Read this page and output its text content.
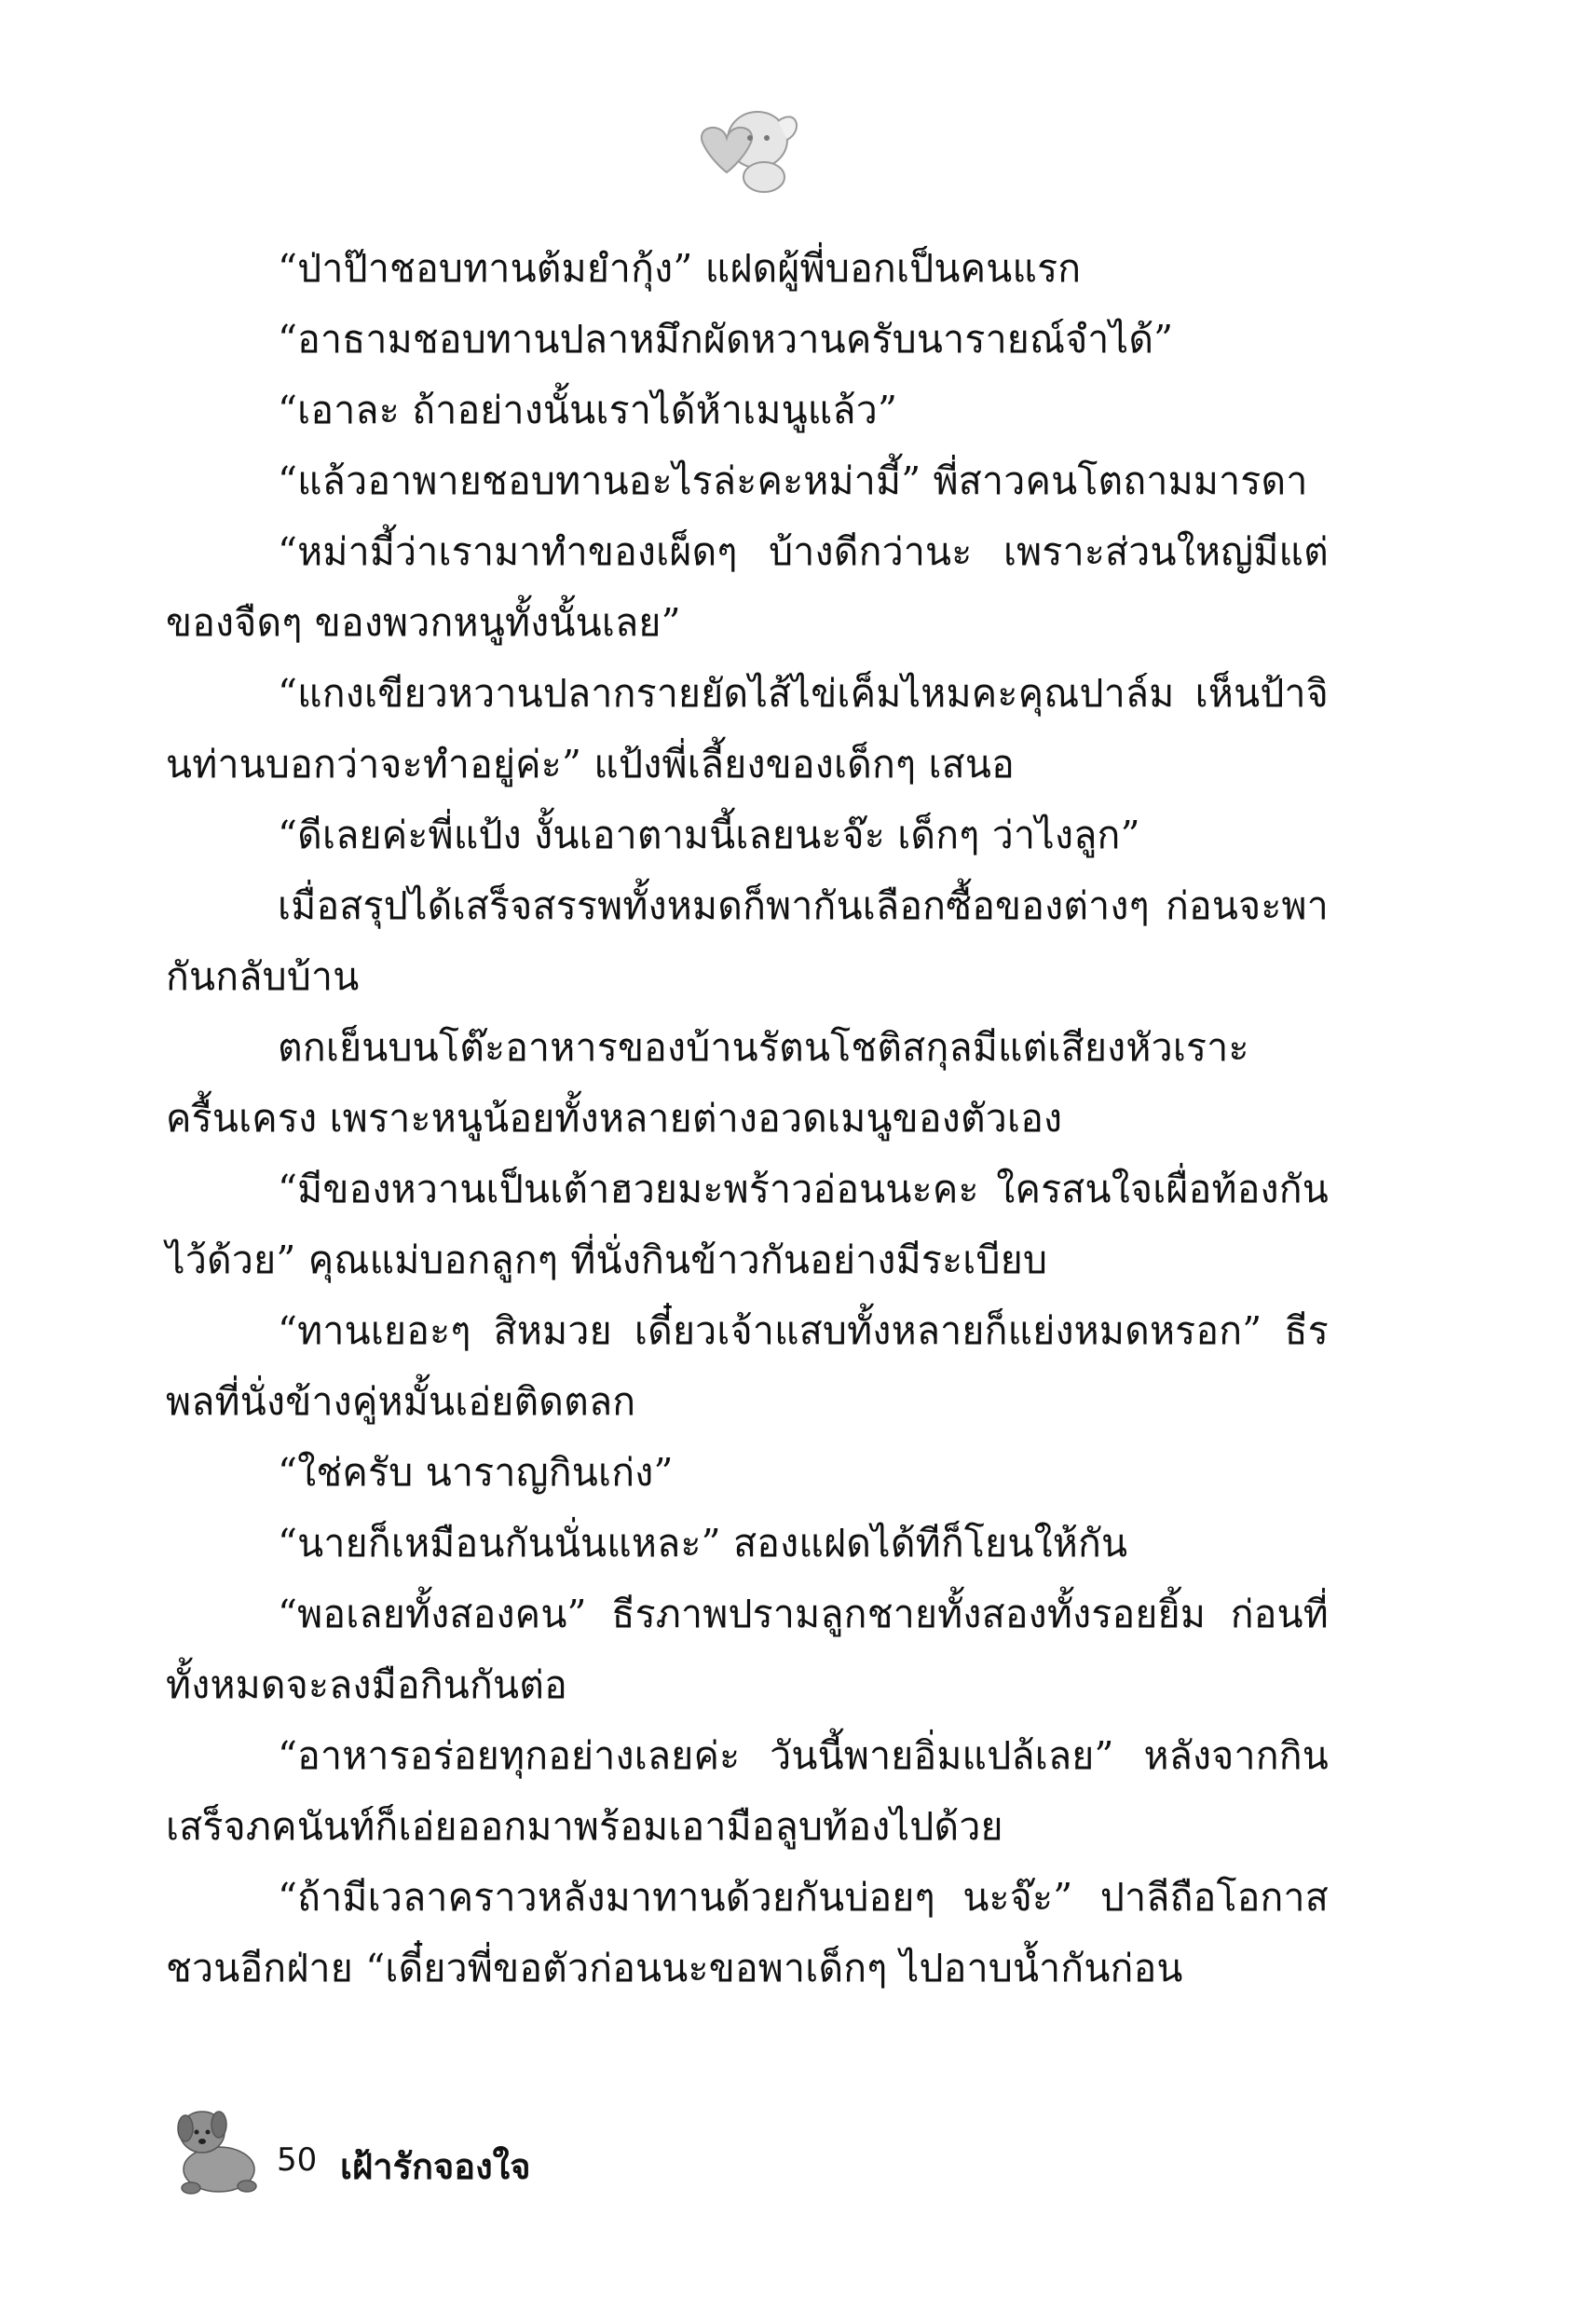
“ป่าป๊าชอบทานต้มยำกุ้ง” แฝดผู้พี่บอกเป็นคนแรก

“อาธามชอบทานปลาหมึกผัดหวานครับนารายณ์จำได้”

“เอาละ ถ้าอย่างนั้นเราได้ห้าเมนูแล้ว”

“แล้วอาพายชอบทานอะไรล่ะคะหม่ามี้” พี่สาวคนโตถามมารดา

“หม่ามี้ว่าเรามาทำของเผ็ดๆ บ้างดีกว่านะ เพราะส่วนใหญ่มีแต่ของจืดๆ ของพวกหนูทั้งนั้นเลย”

“แกงเขียวหวานปลากรายยัดไส้ไข่เค็มไหมคะคุณปาล์ม เห็นป้าจินท่านบอกว่าจะทำอยู่ค่ะ” แป้งพี่เลี้ยงของเด็กๆ เสนอ

“ดีเลยค่ะพี่แป้ง งั้นเอาตามนี้เลยนะจ๊ะ เด็กๆ ว่าไงลูก”

เมื่อสรุปได้เสร็จสรรพทั้งหมดก็พากันเลือกซื้อของต่างๆ ก่อนจะพากันกลับบ้าน

ตกเย็นบนโต๊ะอาหารของบ้านรัตนโชติสกุลมีแต่เสียงหัวเราะครื้นเครง เพราะหนูน้อยทั้งหลายต่างอวดเมนูของตัวเอง

“มีของหวานเป็นเต้าฮวยมะพร้าวอ่อนนะคะ ใครสนใจเผื่อท้องกันไว้ด้วย” คุณแม่บอกลูกๆ ที่นั่งกินข้าวกันอย่างมีระเบียบ

“ทานเยอะๆ สิหมวย เดี๋ยวเจ้าแสบทั้งหลายก็แย่งหมดหรอก” ธีรพลที่นั่งข้างคู่หมั้นเอ่ยติดตลก

“ใช่ครับ นาราญกินเก่ง”

“นายก็เหมือนกันนั่นแหละ” สองแฝดได้ทีก็โยนให้กัน

“พอเลยทั้งสองคน” ธีรภาพปรามลูกชายทั้งสองทั้งรอยยิ้ม ก่อนที่ทั้งหมดจะลงมือกินกันต่อ

“อาหารอร่อยทุกอย่างเลยค่ะ วันนี้พายอิ่มแปล้เลย” หลังจากกินเสร็จภคนันท์ก็เอ่ยออกมาพร้อมเอามือลูบท้องไปด้วย

“ถ้ามีเวลาคราวหลังมาทานด้วยกันบ่อยๆ นะจ๊ะ” ปาลีถือโอกาสชวนอีกฝ่าย “เดี๋ยวพี่ขอตัวก่อนนะขอพาเด็กๆ ไปอาบน้ำกันก่อน

50 เฝ้ารักจองใจ
